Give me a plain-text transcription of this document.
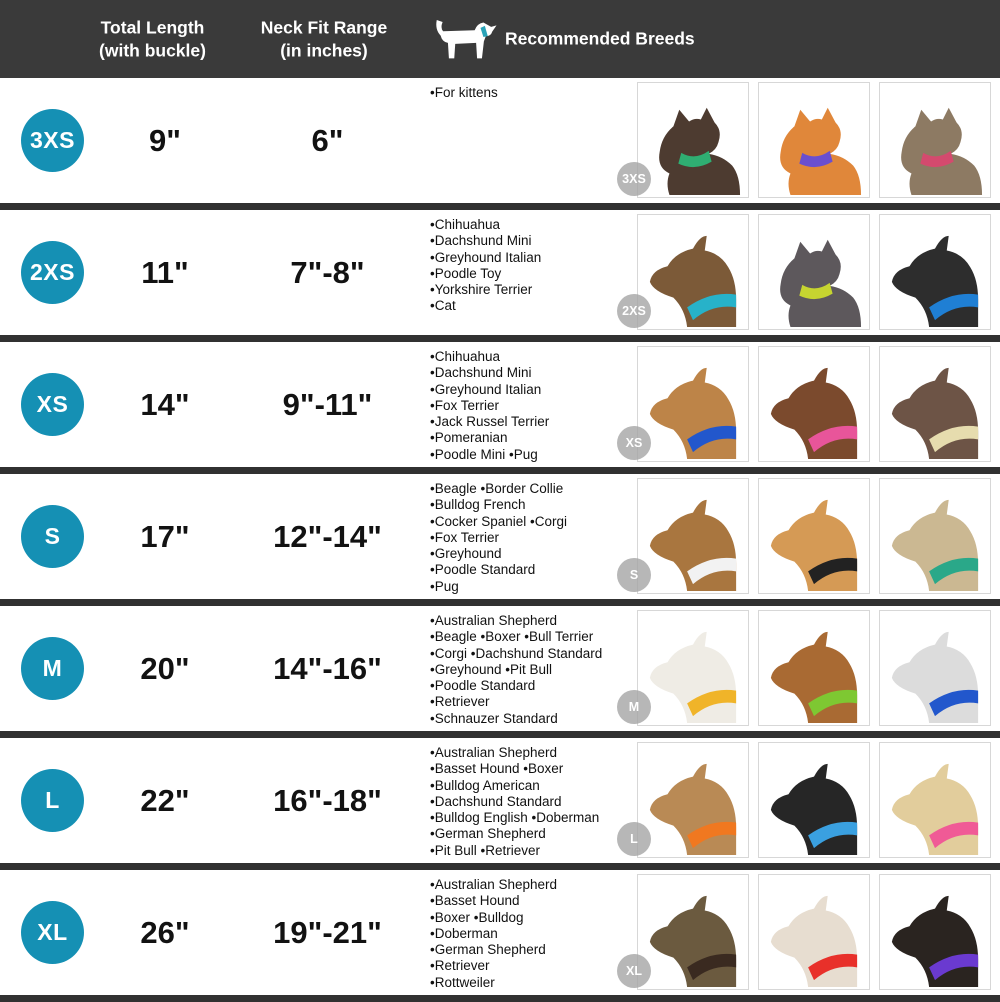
Total Length
(with buckle)
Neck Fit Range
(in inches)
Recommended Breeds
3XS	9"	6"
•For kittens
3XS
2XS	11"	7"-8"
•Chihuahua
•Dachshund Mini
•Greyhound Italian
•Poodle Toy
•Yorkshire Terrier
•Cat	2XS
XS	14"	9"-11"
•Chihuahua
•Dachshund Mini
•Greyhound Italian
•Fox Terrier
•Jack Russel Terrier
•Pomeranian
•Poodle Mini •Pug
XS
S	17"	12"-14"
•Beagle •Border Collie
•Bulldog French
•Cocker Spaniel •Corgi
•Fox Terrier
•Greyhound
•Poodle Standard
•Pug
S
M	20"	14"-16"
•Australian Shepherd
•Beagle •Boxer •Bull Terrier
•Corgi •Dachshund Standard
•Greyhound •Pit Bull
•Poodle Standard
•Retriever
•Schnauzer Standard
M
L	22"	16"-18"
•Australian Shepherd
•Basset Hound •Boxer
•Bulldog American
•Dachshund Standard
•Bulldog English •Doberman
•German Shepherd
•Pit Bull •Retriever
L
XL	26"	19"-21"
•Australian Shepherd
•Basset Hound
•Boxer •Bulldog
•Doberman
•German Shepherd
•Retriever
•Rottweiler
XL
